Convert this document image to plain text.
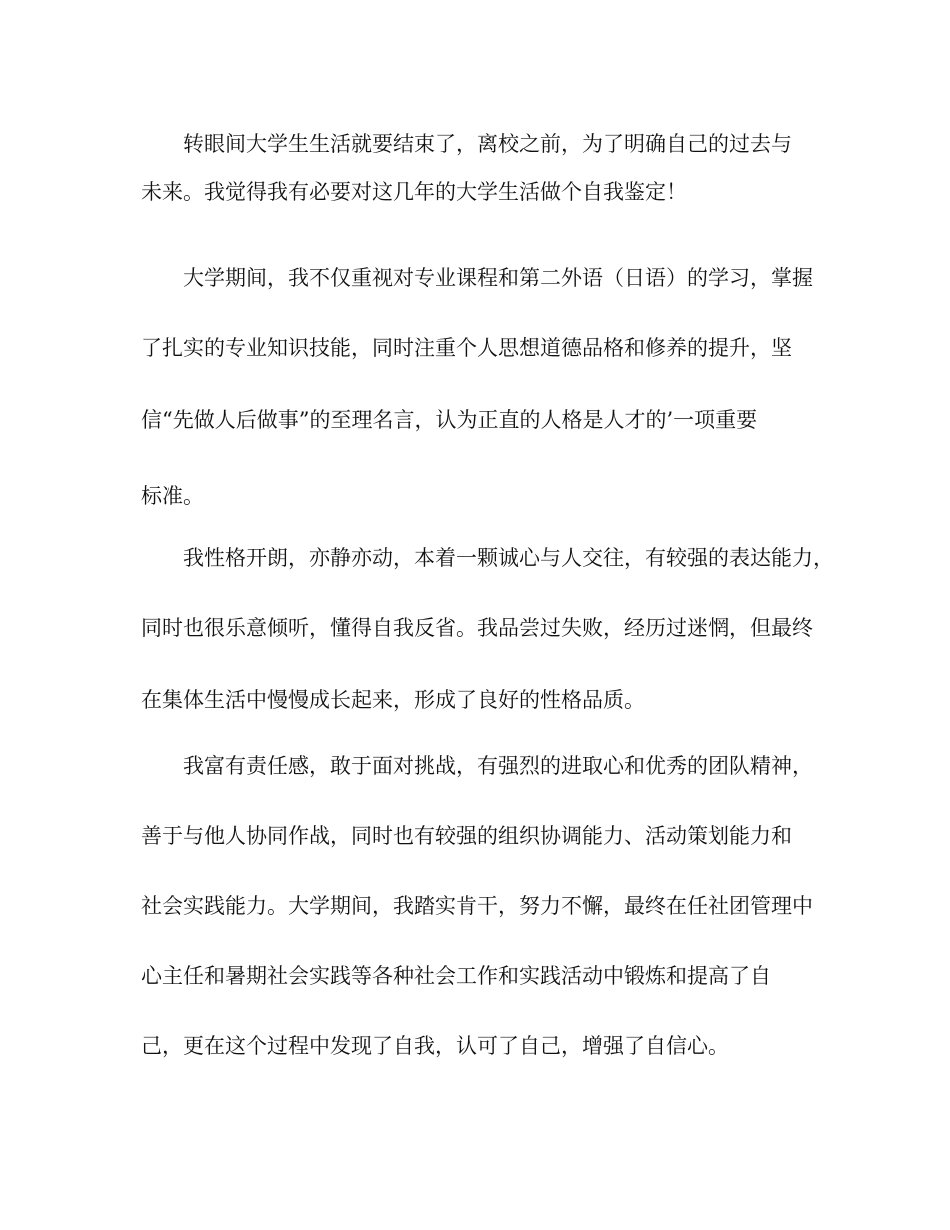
转眼间大学生生活就要结束了，离校之前，为了明确自己的过去与
未来。我觉得我有必要对这几年的大学生活做个自我鉴定！
大学期间，我不仅重视对专业课程和第二外语（日语）的学习，掌握
了扎实的专业知识技能，同时注重个人思想道德品格和修养的提升，坚
信“先做人后做事”的至理名言，认为正直的人格是人才的’一项重要
标准。
我性格开朗，亦静亦动，本着一颗诚心与人交往，有较强的表达能力，
同时也很乐意倾听，懂得自我反省。我品尝过失败，经历过迷惘，但最终
在集体生活中慢慢成长起来，形成了良好的性格品质。
我富有责任感，敢于面对挑战，有强烈的进取心和优秀的团队精神，
善于与他人协同作战，同时也有较强的组织协调能力、活动策划能力和
社会实践能力。大学期间，我踏实肯干，努力不懈，最终在任社团管理中
心主任和暑期社会实践等各种社会工作和实践活动中锻炼和提高了自
己，更在这个过程中发现了自我，认可了自己，增强了自信心。
